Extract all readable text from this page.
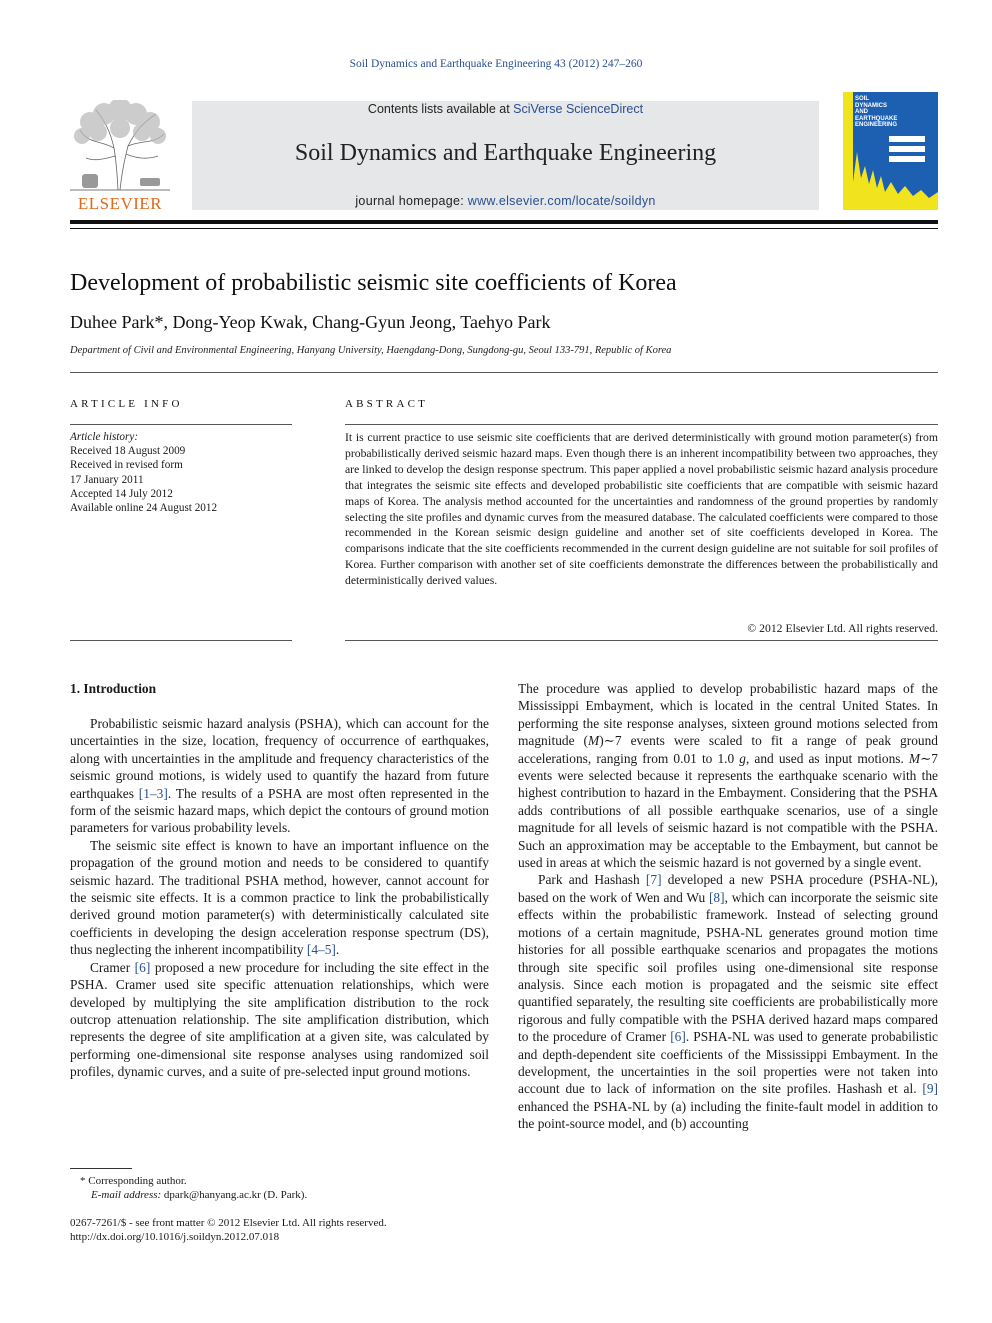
Soil Dynamics and Earthquake Engineering 43 (2012) 247–260
ELSEVIER
Contents lists available at SciVerse ScienceDirect
Soil Dynamics and Earthquake Engineering
journal homepage: www.elsevier.com/locate/soildyn
SOIL
DYNAMICS
AND
EARTHQUAKE
ENGINEERING
Development of probabilistic seismic site coefficients of Korea
Duhee Park*, Dong-Yeop Kwak, Chang-Gyun Jeong, Taehyo Park
Department of Civil and Environmental Engineering, Hanyang University, Haengdang-Dong, Sungdong-gu, Seoul 133-791, Republic of Korea
ARTICLE INFO
Article history:
Received 18 August 2009
Received in revised form
17 January 2011
Accepted 14 July 2012
Available online 24 August 2012
ABSTRACT
It is current practice to use seismic site coefficients that are derived deterministically with ground motion parameter(s) from probabilistically derived seismic hazard maps. Even though there is an inherent incompatibility between two approaches, they are linked to develop the design response spectrum. This paper applied a novel probabilistic seismic hazard analysis procedure that integrates the seismic site effects and developed probabilistic site coefficients that are compatible with seismic hazard maps of Korea. The analysis method accounted for the uncertainties and randomness of the ground properties by randomly selecting the site profiles and dynamic curves from the measured database. The calculated coefficients were compared to those recommended in the Korean seismic design guideline and another set of site coefficients developed in Korea. The comparisons indicate that the site coefficients recommended in the current design guideline are not suitable for soil profiles of Korea. Further comparison with another set of site coefficients demonstrate the differences between the probabilistically and deterministically derived values.
© 2012 Elsevier Ltd. All rights reserved.
1. Introduction

Probabilistic seismic hazard analysis (PSHA), which can account for the uncertainties in the size, location, frequency of occurrence of earthquakes, along with uncertainties in the amplitude and frequency characteristics of the seismic ground motions, is widely used to quantify the hazard from future earthquakes [1–3]. The results of a PSHA are most often represented in the form of the seismic hazard maps, which depict the contours of ground motion parameters for various probability levels.

The seismic site effect is known to have an important influence on the propagation of the ground motion and needs to be considered to quantify seismic hazard. The traditional PSHA method, however, cannot account for the seismic site effects. It is a common practice to link the probabilistically derived ground motion parameter(s) with deterministically calculated site coefficients in developing the design acceleration response spectrum (DS), thus neglecting the inherent incompatibility [4–5].

Cramer [6] proposed a new procedure for including the site effect in the PSHA. Cramer used site specific attenuation relationships, which were developed by multiplying the site amplification distribution to the rock outcrop attenuation relationship. The site amplification distribution, which represents the degree of site amplification at a given site, was calculated by performing one-dimensional site response analyses using randomized soil profiles, dynamic curves, and a suite of pre-selected input ground motions.

The procedure was applied to develop probabilistic hazard maps of the Mississippi Embayment, which is located in the central United States. In performing the site response analyses, sixteen ground motions selected from magnitude (M)∼7 events were scaled to fit a range of peak ground accelerations, ranging from 0.01 to 1.0 g, and used as input motions. M∼7 events were selected because it represents the earthquake scenario with the highest contribution to hazard in the Embayment. Considering that the PSHA adds contributions of all possible earthquake scenarios, use of a single magnitude for all levels of seismic hazard is not compatible with the PSHA. Such an approximation may be acceptable to the Embayment, but cannot be used in areas at which the seismic hazard is not governed by a single event.

Park and Hashash [7] developed a new PSHA procedure (PSHA-NL), based on the work of Wen and Wu [8], which can incorporate the seismic site effects within the probabilistic framework. Instead of selecting ground motions of a certain magnitude, PSHA-NL generates ground motion time histories for all possible earthquake scenarios and propagates the motions through site specific soil profiles using one-dimensional site response analysis. Since each motion is propagated and the seismic site effect quantified separately, the resulting site coefficients are probabilistically more rigorous and fully compatible with the PSHA derived hazard maps compared to the procedure of Cramer [6]. PSHA-NL was used to generate probabilistic and depth-dependent site coefficients of the Mississippi Embayment. In the development, the uncertainties in the soil properties were not taken into account due to lack of information on the site profiles. Hashash et al. [9] enhanced the PSHA-NL by (a) including the finite-fault model in addition to the point-source model, and (b) accounting

* Corresponding author.
E-mail address: dpark@hanyang.ac.kr (D. Park).
0267-7261/$ - see front matter © 2012 Elsevier Ltd. All rights reserved.
http://dx.doi.org/10.1016/j.soildyn.2012.07.018
